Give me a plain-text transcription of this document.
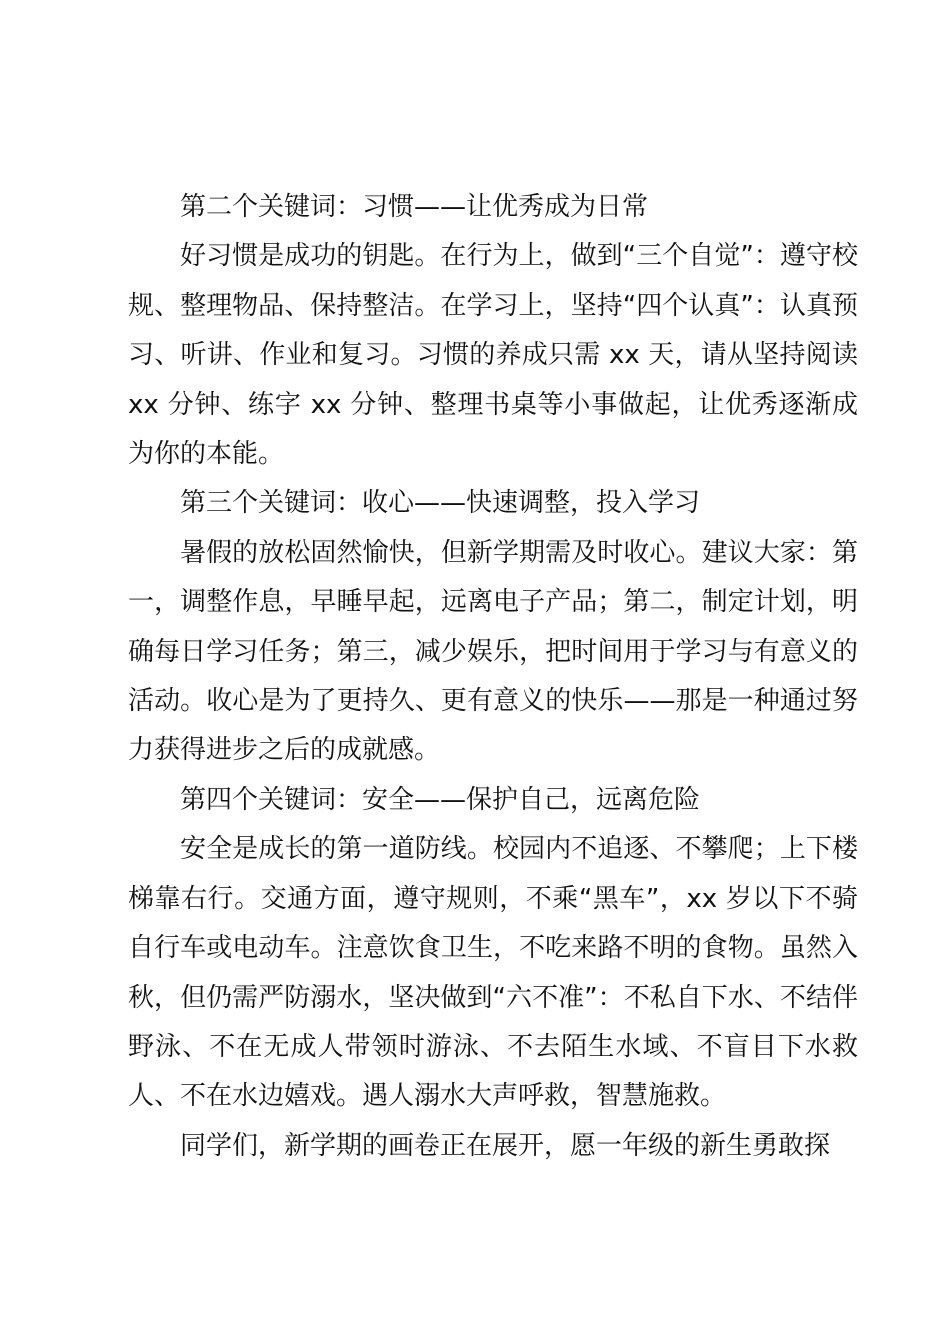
第二个关键词：习惯——让优秀成为日常

好习惯是成功的钥匙。在行为上，做到“三个自觉”：遵守校规、整理物品、保持整洁。在学习上，坚持“四个认真”：认真预习、听讲、作业和复习。习惯的养成只需 xx 天，请从坚持阅读 xx 分钟、练字 xx 分钟、整理书桌等小事做起，让优秀逐渐成为你的本能。

第三个关键词：收心——快速调整，投入学习

暑假的放松固然愉快，但新学期需及时收心。建议大家：第一，调整作息，早睡早起，远离电子产品；第二，制定计划，明确每日学习任务；第三，减少娱乐，把时间用于学习与有意义的活动。收心是为了更持久、更有意义的快乐——那是一种通过努力获得进步之后的成就感。

第四个关键词：安全——保护自己，远离危险

安全是成长的第一道防线。校园内不追逐、不攀爬；上下楼梯靠右行。交通方面，遵守规则，不乘“黑车”，xx 岁以下不骑自行车或电动车。注意饮食卫生，不吃来路不明的食物。虽然入秋，但仍需严防溺水，坚决做到“六不准”：不私自下水、不结伴野泳、不在无成人带领时游泳、不去陌生水域、不盲目下水救人、不在水边嬉戏。遇人溺水大声呼救，智慧施救。

同学们，新学期的画卷正在展开，愿一年级的新生勇敢探
